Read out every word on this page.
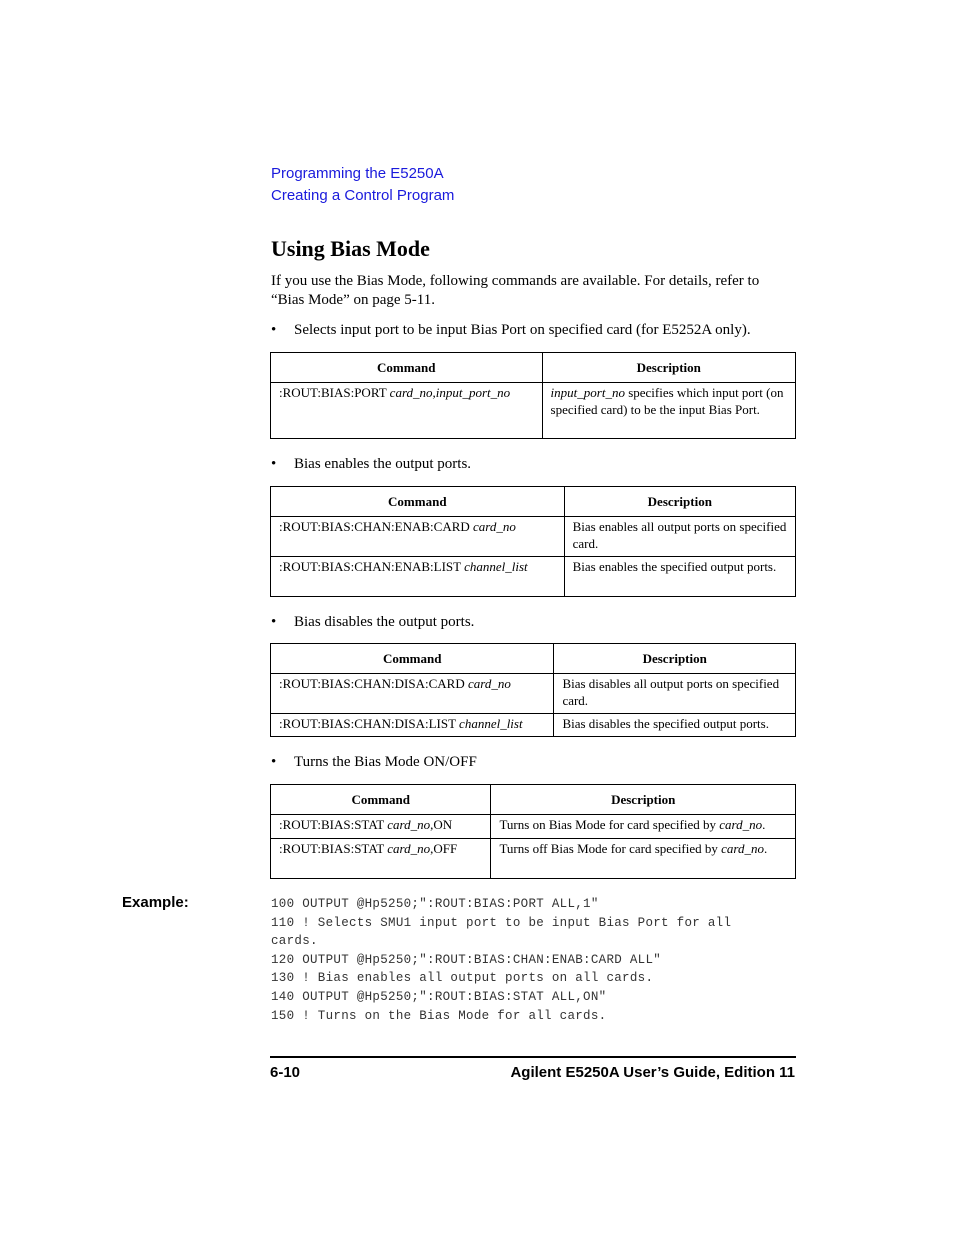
Programming the E5250A
Creating a Control Program
Using Bias Mode

If you use the Bias Mode, following commands are available. For details, refer to “Bias Mode” on page 5-11.

• Selects input port to be input Bias Port on specified card (for E5252A only).
Command	Description
:ROUT:BIAS:PORT card_no,input_port_no	input_port_no specifies which input port (on specified card) to be the input Bias Port.
• Bias enables the output ports.
Command	Description
:ROUT:BIAS:CHAN:ENAB:CARD card_no	Bias enables all output ports on specified card.
:ROUT:BIAS:CHAN:ENAB:LIST channel_list	Bias enables the specified output ports.
• Bias disables the output ports.
Command	Description
:ROUT:BIAS:CHAN:DISA:CARD card_no	Bias disables all output ports on specified card.
:ROUT:BIAS:CHAN:DISA:LIST channel_list	Bias disables the specified output ports.
• Turns the Bias Mode ON/OFF
Command	Description
:ROUT:BIAS:STAT card_no,ON	Turns on Bias Mode for card specified by card_no.
:ROUT:BIAS:STAT card_no,OFF	Turns off Bias Mode for card specified by card_no.
Example:	100 OUTPUT @Hp5250;":ROUT:BIAS:PORT ALL,1"
110 ! Selects SMU1 input port to be input Bias Port for all
cards.
120 OUTPUT @Hp5250;":ROUT:BIAS:CHAN:ENAB:CARD ALL"
130 ! Bias enables all output ports on all cards.
140 OUTPUT @Hp5250;":ROUT:BIAS:STAT ALL,ON"
150 ! Turns on the Bias Mode for all cards.
6-10	Agilent E5250A User’s Guide, Edition 11
